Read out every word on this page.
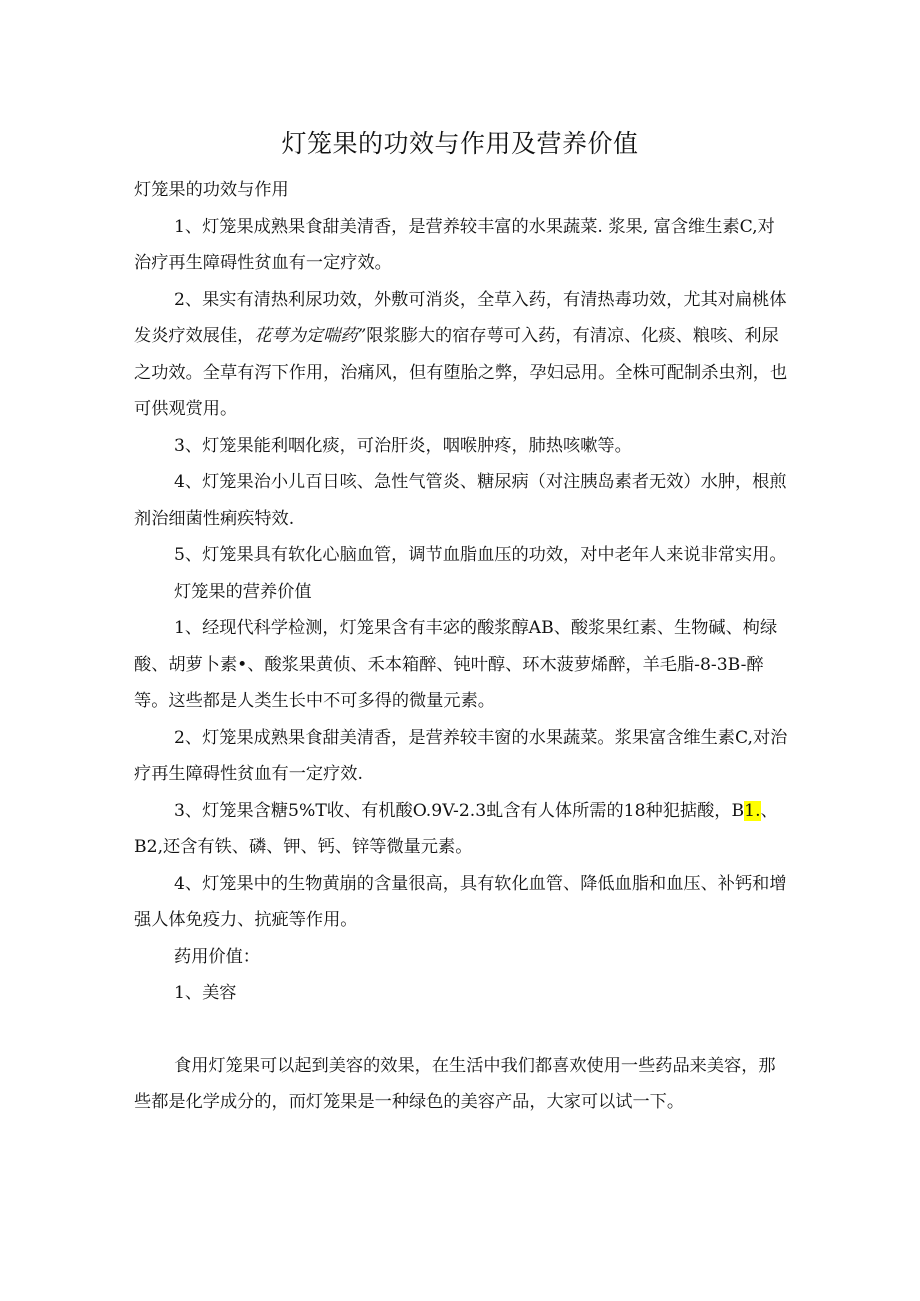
灯笼果的功效与作用及营养价值

灯笼果的功效与作用

1、灯笼果成熟果食甜美清香，是营养较丰富的水果蔬菜. 浆果, 富含维生素C,对治疗再生障碍性贫血有一定疗效。

2、果实有清热利尿功效，外敷可消炎，全草入药，有清热毒功效，尤其对扁桃体发炎疗效展佳，花萼为定喘药”限浆膨大的宿存萼可入药，有清凉、化痰、粮咳、利尿之功效。全草有泻下作用，治痛风，但有堕胎之弊，孕妇忌用。全株可配制杀虫剂，也可供观赏用。

3、灯笼果能利咽化痰，可治肝炎，咽喉肿疼，肺热咳嗽等。

4、灯笼果治小儿百日咳、急性气管炎、糖尿病（对注胰岛素者无效）水肿，根煎剂治细菌性痢疾特效.

5、灯笼果具有软化心脑血管，调节血脂血压的功效，对中老年人来说非常实用。

灯笼果的营养价值

1、经现代科学检测，灯笼果含有丰宓的酸浆醇AB、酸浆果红素、生物碱、枸绿酸、胡萝卜素•、酸浆果黄侦、禾本箱醉、钝叶醇、环木菠萝烯醉，羊毛脂-8-3B-醉等。这些都是人类生长中不可多得的微量元素。

2、灯笼果成熟果食甜美清香，是营养较丰窗的水果蔬菜。浆果富含维生素C,对治疗再生障碍性贫血有一定疗效.

3、灯笼果含糖5%T收、有机酸O.9V-2.3虬含有人体所需的18种犯掂酸，B1.、B2,还含有铁、磷、钾、钙、锌等微量元素。

4、灯笼果中的生物黄崩的含量很高，具有软化血管、降低血脂和血压、补钙和增强人体免疫力、抗疵等作用。

药用价值：

1、美容

食用灯笼果可以起到美容的效果，在生活中我们都喜欢使用一些药品来美容，那些都是化学成分的，而灯笼果是一种绿色的美容产品，大家可以试一下。
